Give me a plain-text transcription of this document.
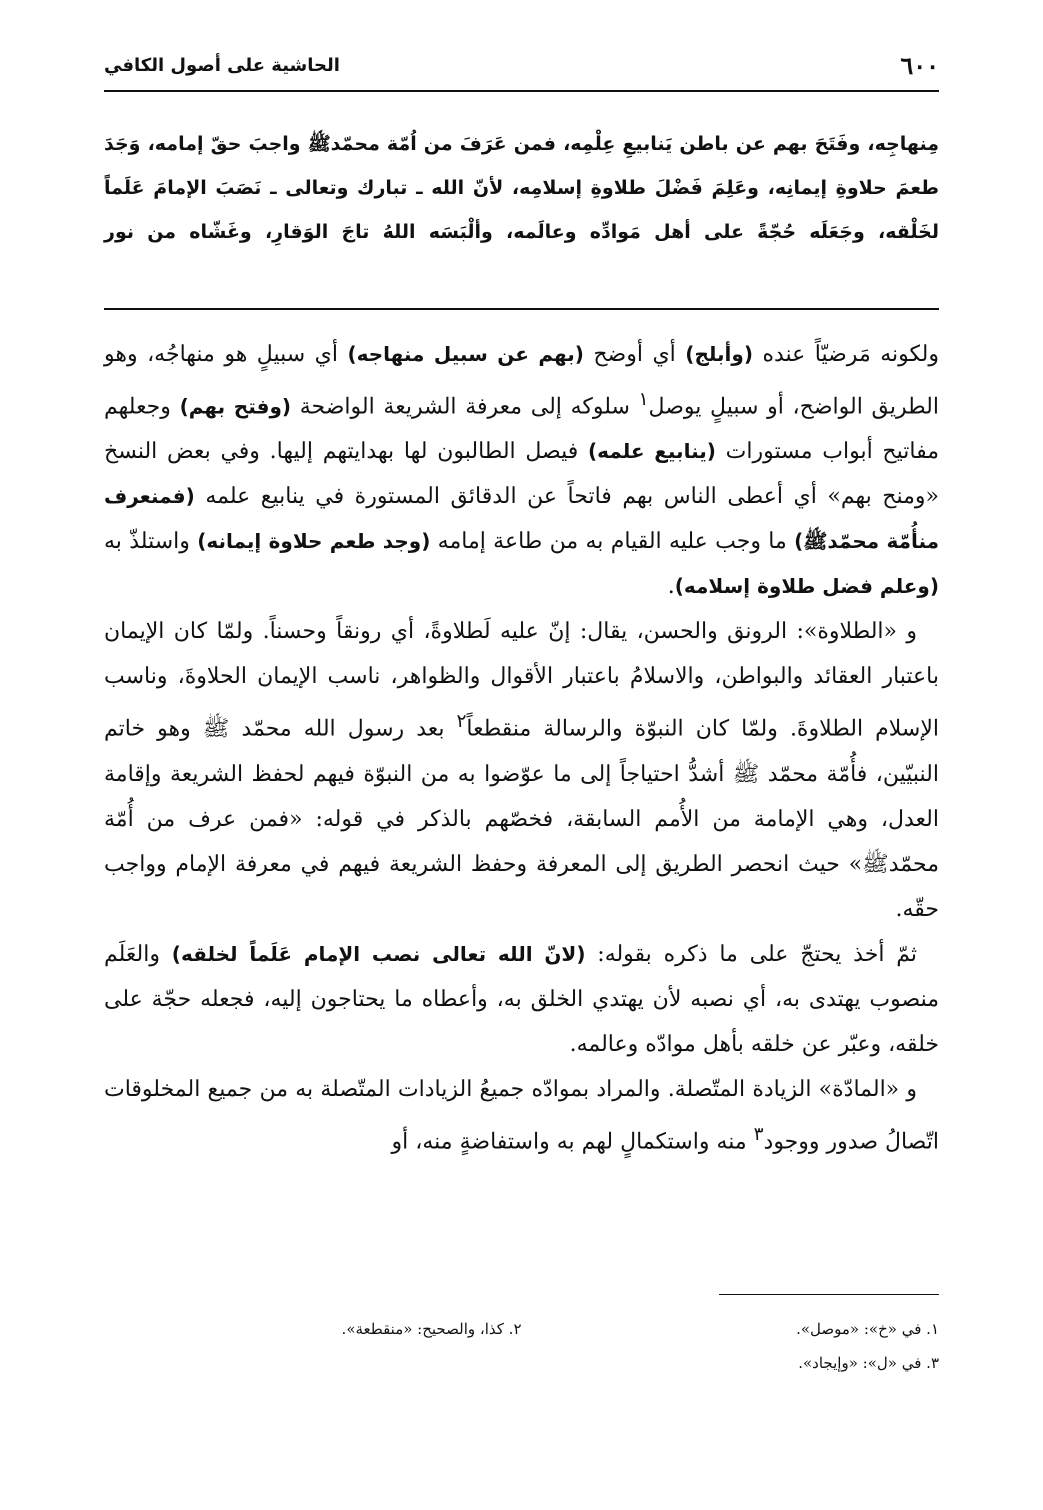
٦٠٠
الحاشية على أصول الكافي
مِنهاجِه، وفَتَحَ بهم عن باطن يَنابيعِ عِلْمِه، فمن عَرَفَ من اُمّة محمّدﷺ واجبَ حقّ إمامه، وَجَدَ طعمَ حلاوةِ إيمانِه، وعَلِمَ فَضْلَ طلاوةِ إسلامِه، لأنّ الله ـ تبارك وتعالى ـ نَصَبَ الإمامَ عَلَماً لخَلْقه، وجَعَلَه حُجّةً على أهل مَوادِّه وعالَمه، وألْبَسَه اللهُ تاجَ الوَقارِ، وغَشّاه من نور

ولكونه مَرضيّاً عنده (وأبلج) أي أوضح (بهم عن سبيل منهاجه) أي سبيلٍ هو منهاجُه، وهو الطريق الواضح، أو سبيلٍ يوصل$^١$ سلوكه إلى معرفة الشريعة الواضحة (وفتح بهم) وجعلهم مفاتيح أبواب مستورات (ينابيع علمه) فيصل الطالبون لها بهدايتهم إليها. وفي بعض النسخ «ومنح بهم» أي أعطى الناس بهم فاتحاً عن الدقائق المستورة في ينابيع علمه (فمنعرف منأُمّة محمّدﷺ) ما وجب عليه القيام به من طاعة إمامه (وجد طعم حلاوة إيمانه) واستلذّ به (وعلم فضل طلاوة إسلامه).

و «الطلاوة»: الرونق والحسن، يقال: إنّ عليه لَطلاوةً، أي رونقاً وحسناً. ولمّا كان الإيمان باعتبار العقائد والبواطن، والاسلامُ باعتبار الأقوال والظواهر، ناسب الإيمان الحلاوةَ، وناسب الإسلام الطلاوةَ. ولمّا كان النبوّة والرسالة منقطعاً$^٢$ بعد رسول الله محمّد ﷺ وهو خاتم النبيّين، فأُمّة محمّد ﷺ أشدُّ احتياجاً إلى ما عوّضوا به من النبوّة فيهم لحفظ الشريعة وإقامة العدل، وهي الإمامة من الأُمم السابقة، فخصّهم بالذكر في قوله: «فمن عرف من أُمّة محمّدﷺ» حيث انحصر الطريق إلى المعرفة وحفظ الشريعة فيهم في معرفة الإمام وواجب حقّه.

ثمّ أخذ يحتجّ على ما ذكره بقوله: (لانّ الله تعالى نصب الإمام عَلَماً لخلقه) والعَلَم منصوب يهتدى به، أي نصبه لأن يهتدي الخلق به، وأعطاه ما يحتاجون إليه، فجعله حجّة على خلقه، وعبّر عن خلقه بأهل موادّه وعالمه.

و «المادّة» الزيادة المتّصلة. والمراد بموادّه جميعُ الزيادات المتّصلة به من جميع المخلوقات اتّصالُ صدور ووجود$^٣$ منه واستكمالٍ لهم به واستفاضةٍ منه، أو

١. في «خ»: «موصل».
٢. كذا، والصحيح: «منقطعة».
٣. في «ل»: «وإيجاد».
